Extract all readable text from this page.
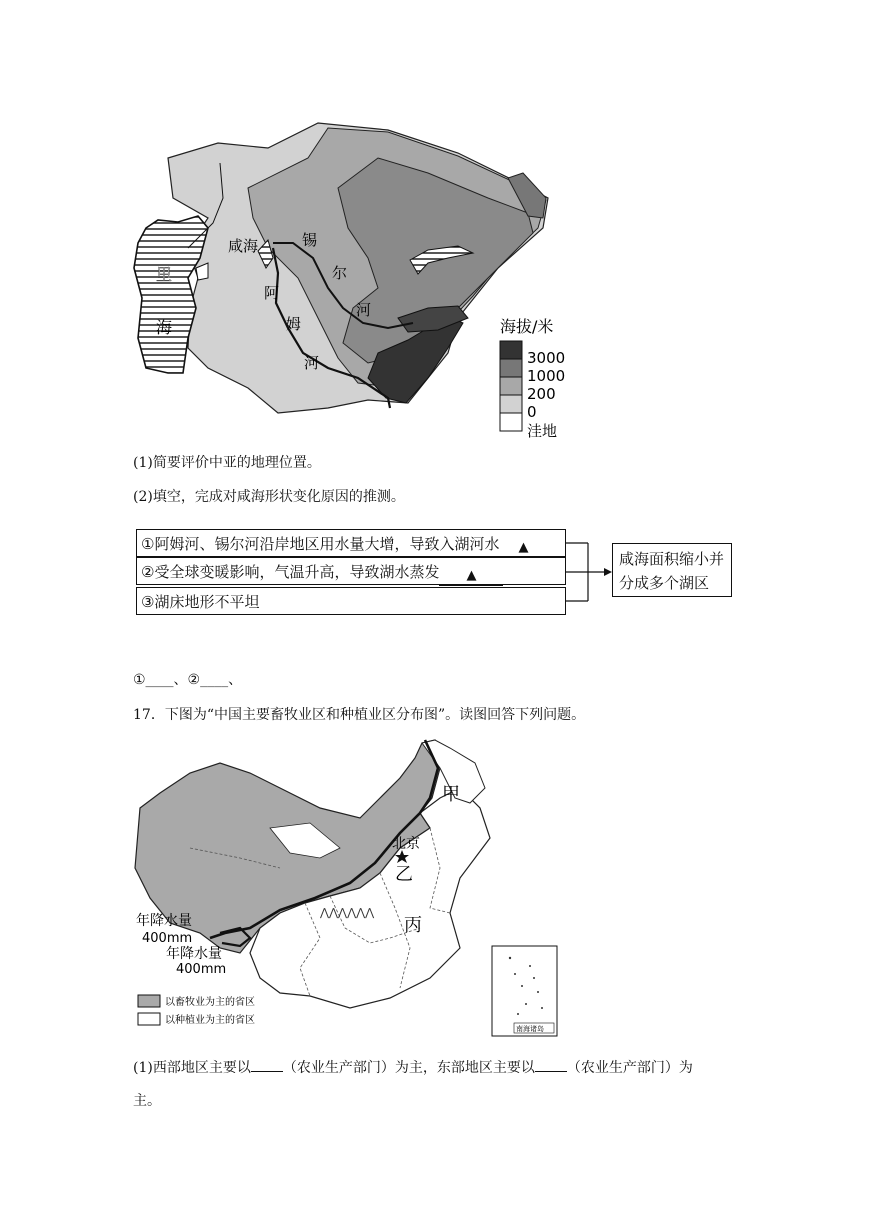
咸海	锡
尔
河
阿
姆
河
里
海	海拔/米
3000
1000
200
0
洼地
(1)简要评价中亚的地理位置。
(2)填空，完成对咸海形状变化原因的推测。
①阿姆河、锡尔河沿岸地区用水量大增，导致入湖河水 ▲
②受全球变暖影响，气温升高，导致湖水蒸发 ▲
③湖床地形不平坦
咸海面积缩小并分成多个湖区
①____、②____、
17．下图为“中国主要畜牧业区和种植业区分布图”。读图回答下列问题。
⋀⋀⋀⋀⋀⋀
甲
北京
乙
丙
年降水量
400mm
年降水量
400mm
以畜牧业为主的省区
以种植业为主的省区
南海诸岛
(1)西部地区主要以 （农业生产部门）为主，东部地区主要以 （农业生产部门）为
主。
